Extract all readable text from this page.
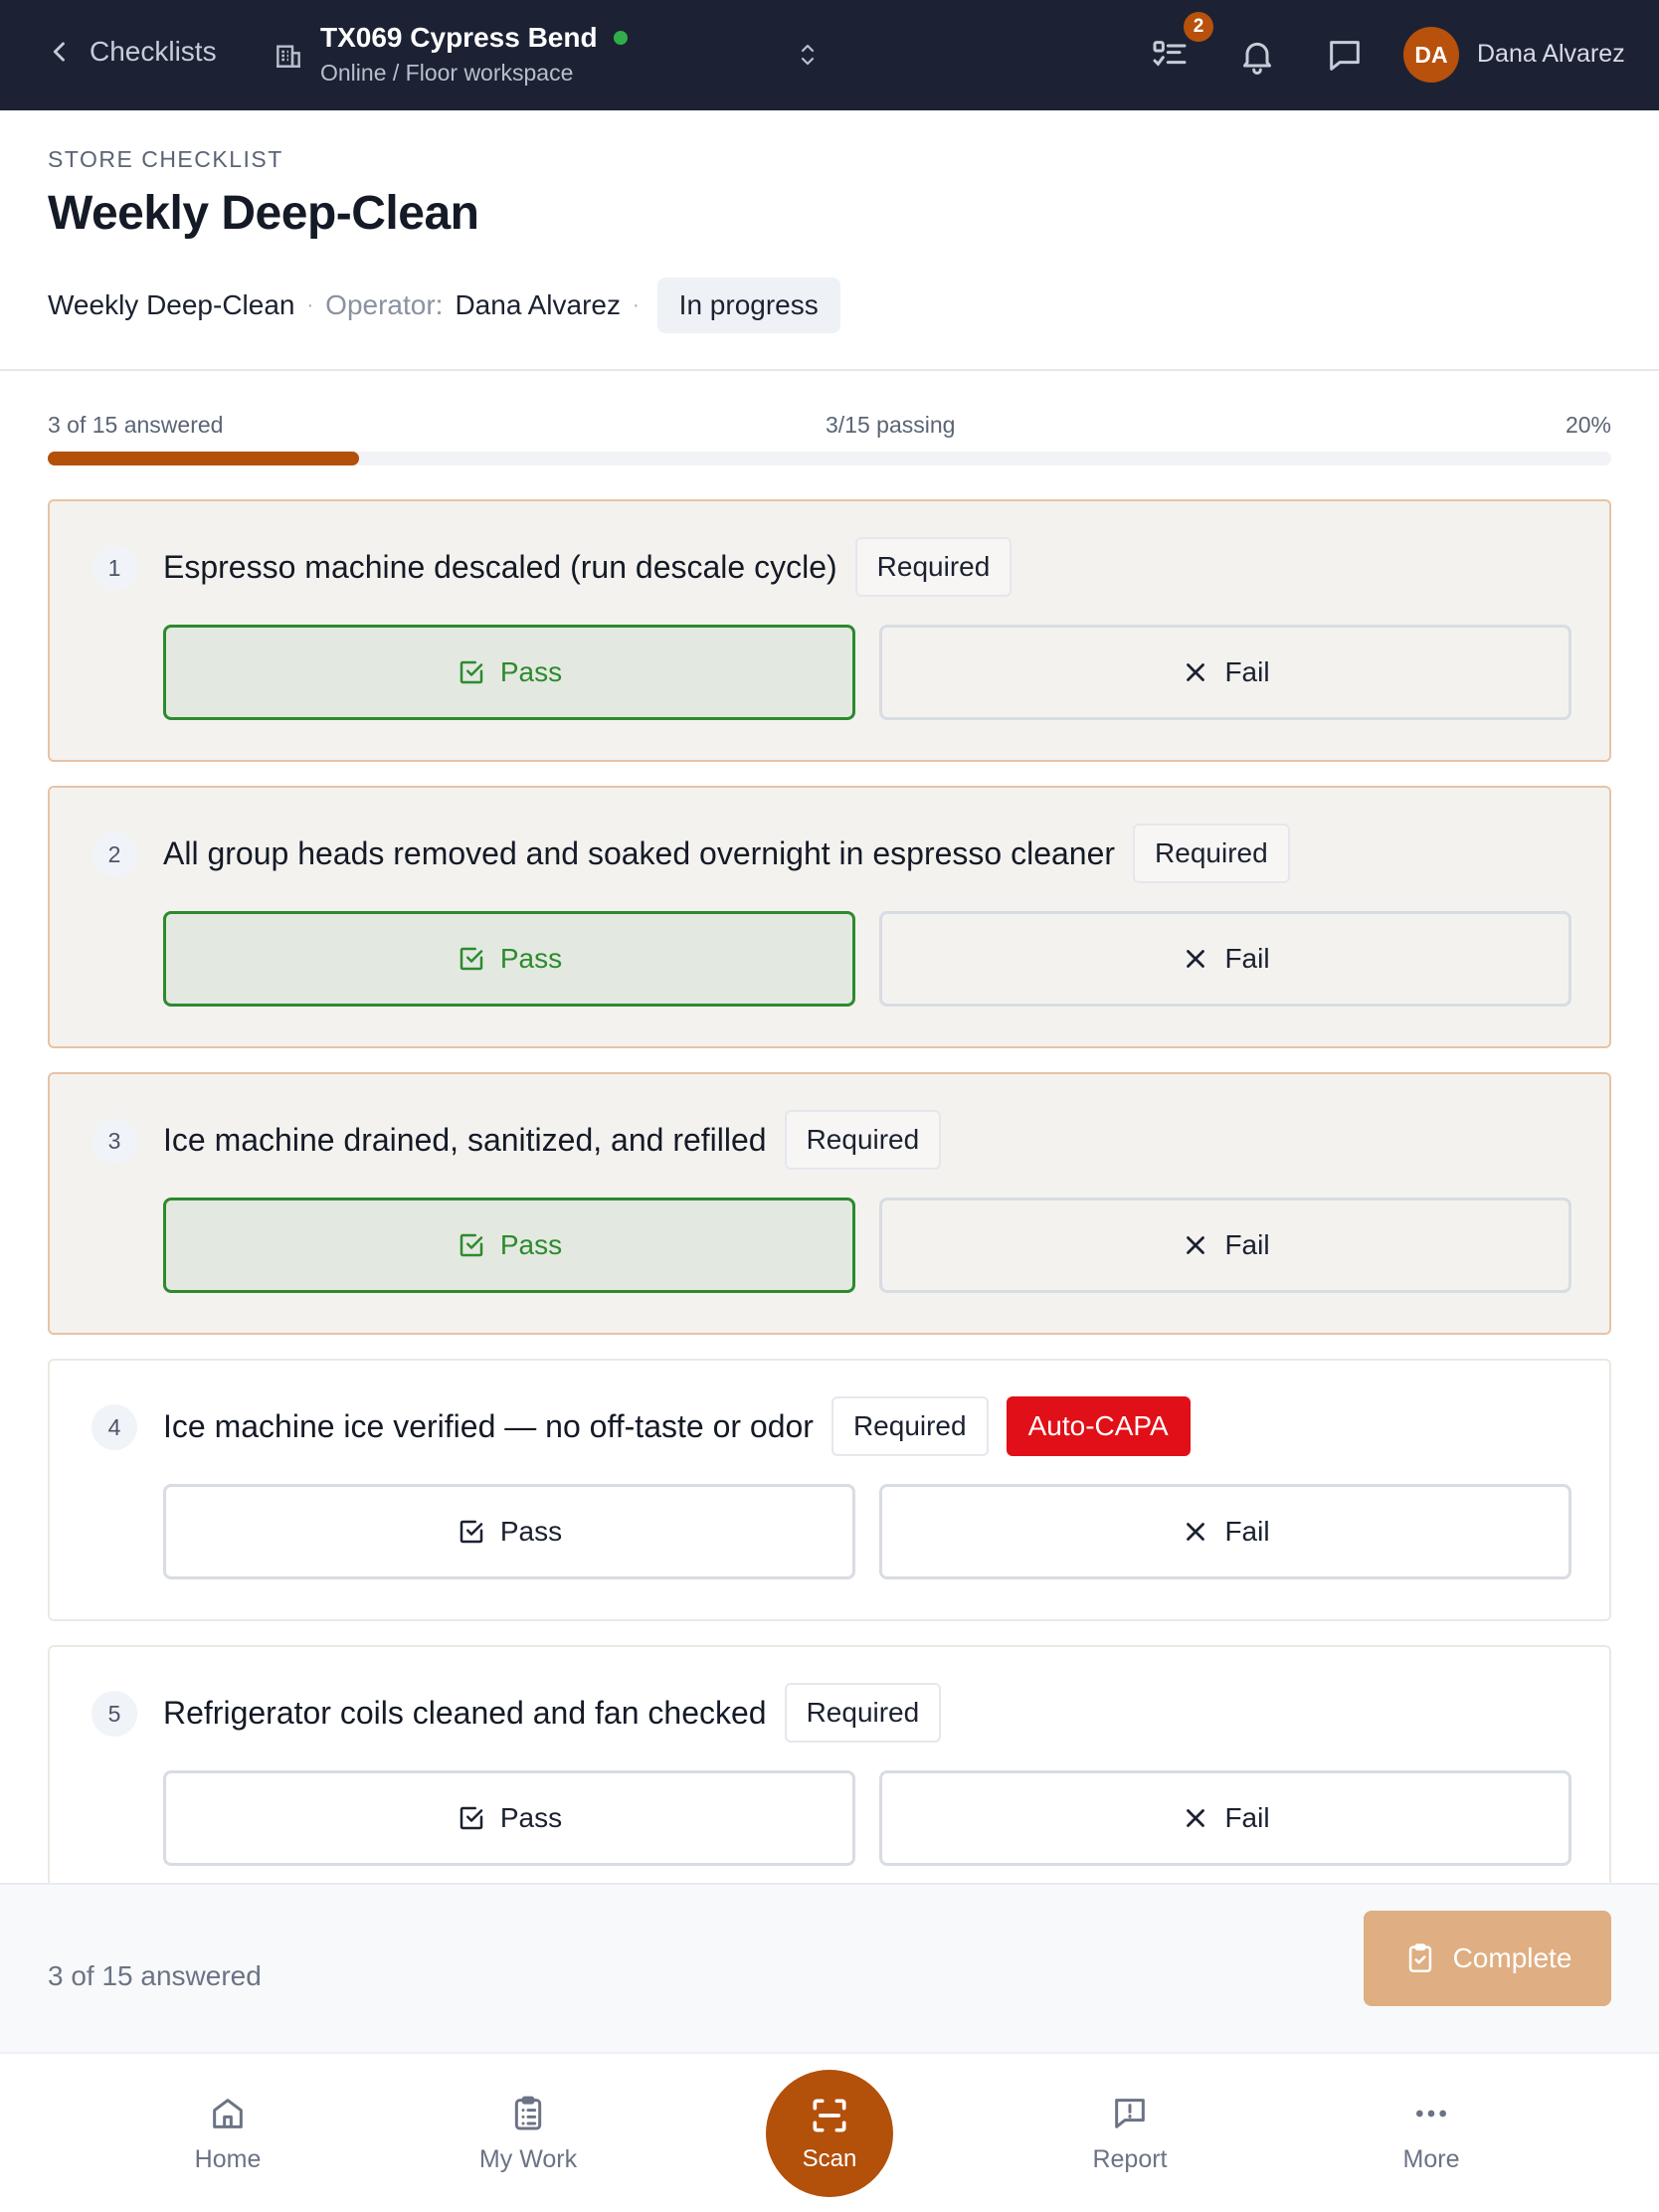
Checklists	TX069 Cypress Bend
Online / Floor workspace
2
DA	Dana Alvarez
STORE CHECKLIST
Weekly Deep-Clean
Weekly Deep-Clean · Operator: Dana Alvarez ·	In progress
3 of 15 answered	3/15 passing	20%
1	Espresso machine descaled (run descale cycle)	Required
Pass	Fail
2	All group heads removed and soaked overnight in espresso cleaner	Required
Pass	Fail
3	Ice machine drained, sanitized, and refilled	Required
Pass	Fail
4	Ice machine ice verified — no off-taste or odor	Required	Auto-CAPA
Pass	Fail
5	Refrigerator coils cleaned and fan checked	Required
Pass	Fail
3 of 15 answered
Complete
Home	My Work	Scan	Report	More
